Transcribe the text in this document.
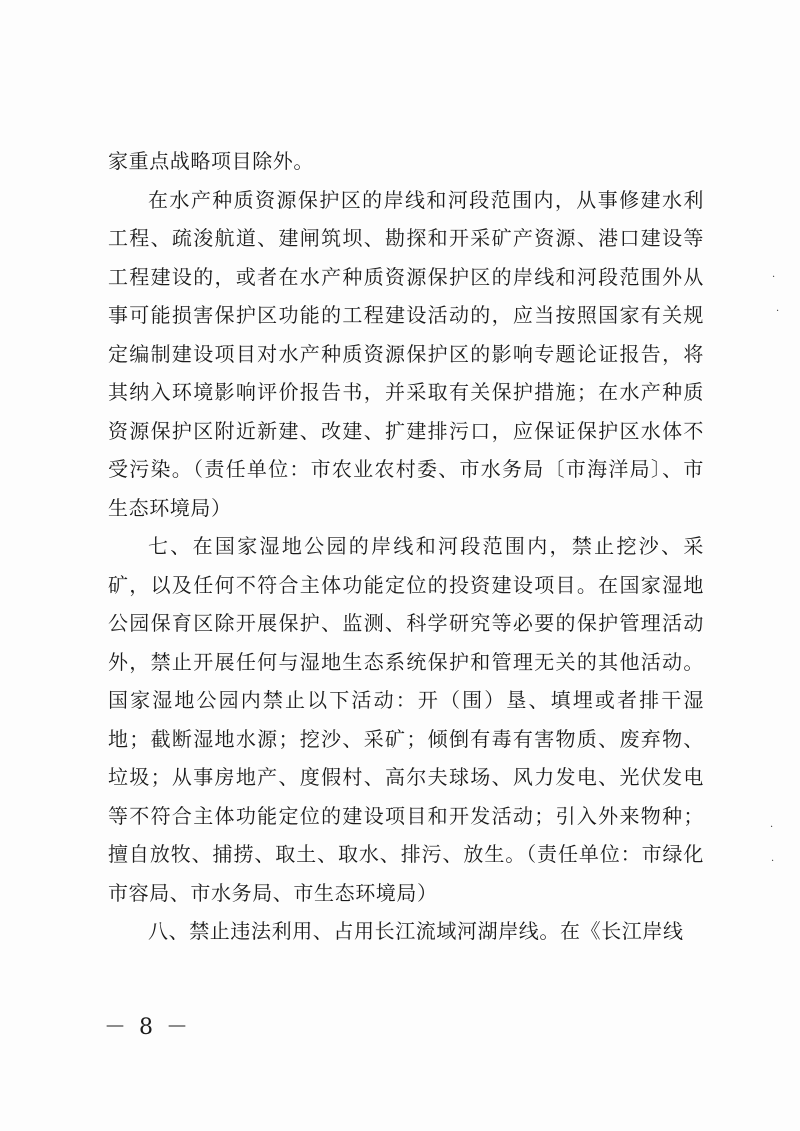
家重点战略项目除外。

在水产种质资源保护区的岸线和河段范围内，从事修建水利工程、疏浚航道、建闸筑坝、勘探和开采矿产资源、港口建设等工程建设的，或者在水产种质资源保护区的岸线和河段范围外从事可能损害保护区功能的工程建设活动的，应当按照国家有关规定编制建设项目对水产种质资源保护区的影响专题论证报告，将其纳入环境影响评价报告书，并采取有关保护措施；在水产种质资源保护区附近新建、改建、扩建排污口，应保证保护区水体不受污染。（责任单位：市农业农村委、市水务局〔市海洋局〕、市生态环境局）

七、在国家湿地公园的岸线和河段范围内，禁止挖沙、采矿，以及任何不符合主体功能定位的投资建设项目。在国家湿地公园保育区除开展保护、监测、科学研究等必要的保护管理活动外，禁止开展任何与湿地生态系统保护和管理无关的其他活动。国家湿地公园内禁止以下活动：开（围）垦、填埋或者排干湿地；截断湿地水源；挖沙、采矿；倾倒有毒有害物质、废弃物、垃圾；从事房地产、度假村、高尔夫球场、风力发电、光伏发电等不符合主体功能定位的建设项目和开发活动；引入外来物种；擅自放牧、捕捞、取土、取水、排污、放生。（责任单位：市绿化市容局、市水务局、市生态环境局）

八、禁止违法利用、占用长江流域河湖岸线。在《长江岸线

·
·
·
·
－ 8 －
